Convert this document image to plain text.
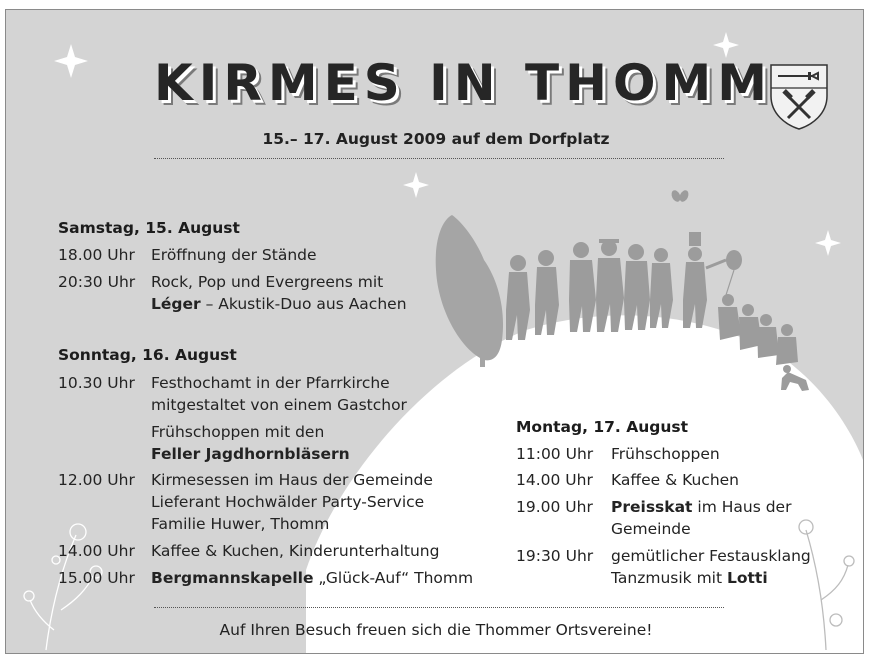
KIRMES IN THOMM
15.– 17. August 2009 auf dem Dorfplatz
Samstag, 15. August
18.00 Uhr Eröffnung der Stände
20:30 Uhr Rock, Pop und Evergreens mit
Léger – Akustik-Duo aus Aachen
Sonntag, 16. August
10.30 Uhr Festhochamt in der Pfarrkirche
mitgestaltet von einem Gastchor
Frühschoppen mit den
Feller Jagdhornbläsern
12.00 Uhr Kirmesessen im Haus der Gemeinde
Lieferant Hochwälder Party-Service
Familie Huwer, Thomm
14.00 Uhr Kaffee & Kuchen, Kinderunterhaltung
15.00 Uhr Bergmannskapelle „Glück-Auf“ Thomm
Montag, 17. August
11:00 Uhr Frühschoppen
14.00 Uhr Kaffee & Kuchen
19.00 Uhr Preisskat im Haus der
Gemeinde
19:30 Uhr gemütlicher Festausklang
Tanzmusik mit Lotti
Auf Ihren Besuch freuen sich die Thommer Ortsvereine!
